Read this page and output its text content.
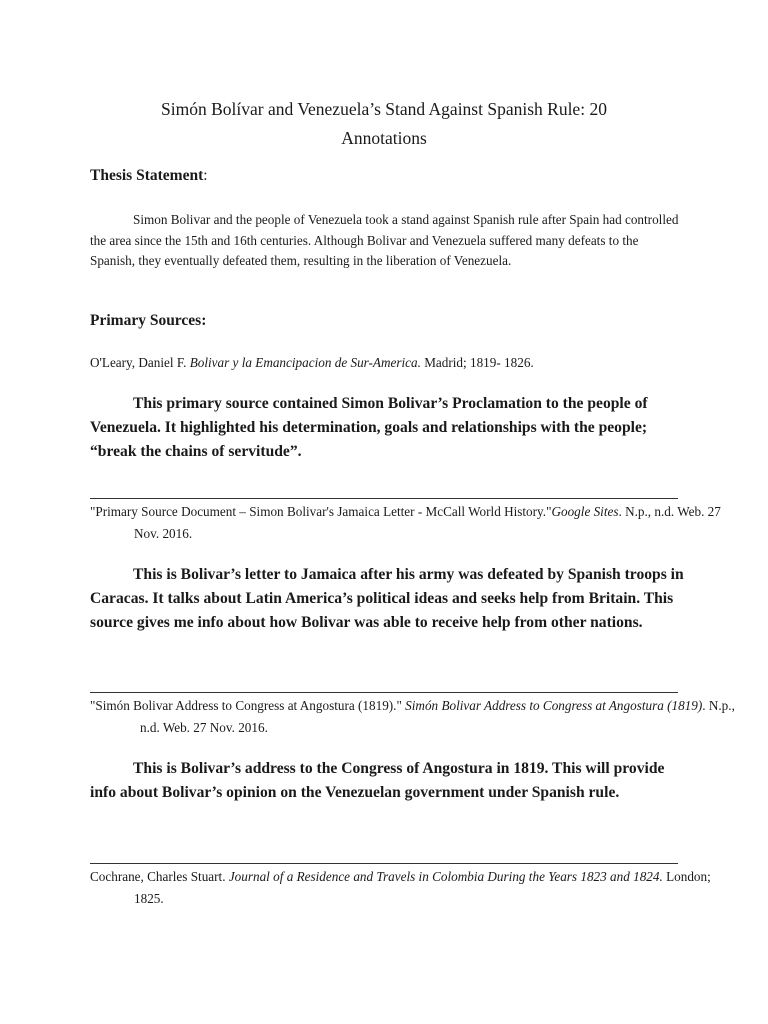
Simón Bolívar and Venezuela’s Stand Against Spanish Rule: 20
Annotations
Thesis Statement:
Simon Bolivar and the people of Venezuela took a stand against Spanish rule after Spain had controlled the area since the 15th and 16th centuries. Although Bolivar and Venezuela suffered many defeats to the Spanish, they eventually defeated them, resulting in the liberation of Venezuela.
Primary Sources:
O'Leary, Daniel F. Bolivar y la Emancipacion de Sur-America. Madrid; 1819- 1826.
This primary source contained Simon Bolivar’s Proclamation to the people of Venezuela. It highlighted his determination, goals and relationships with the people; “break the chains of servitude”.
"Primary Source Document – Simon Bolivar's Jamaica Letter - McCall World History."Google Sites. N.p., n.d. Web. 27 Nov. 2016.
This is Bolivar’s letter to Jamaica after his army was defeated by Spanish troops in Caracas. It talks about Latin America’s political ideas and seeks help from Britain. This source gives me info about how Bolivar was able to receive help from other nations.
"Simón Bolivar Address to Congress at Angostura (1819)." Simón Bolivar Address to Congress at Angostura (1819). N.p., n.d. Web. 27 Nov. 2016.
This is Bolivar’s address to the Congress of Angostura in 1819. This will provide info about Bolivar’s opinion on the Venezuelan government under Spanish rule.
Cochrane, Charles Stuart. Journal of a Residence and Travels in Colombia During the Years 1823 and 1824. London; 1825.
